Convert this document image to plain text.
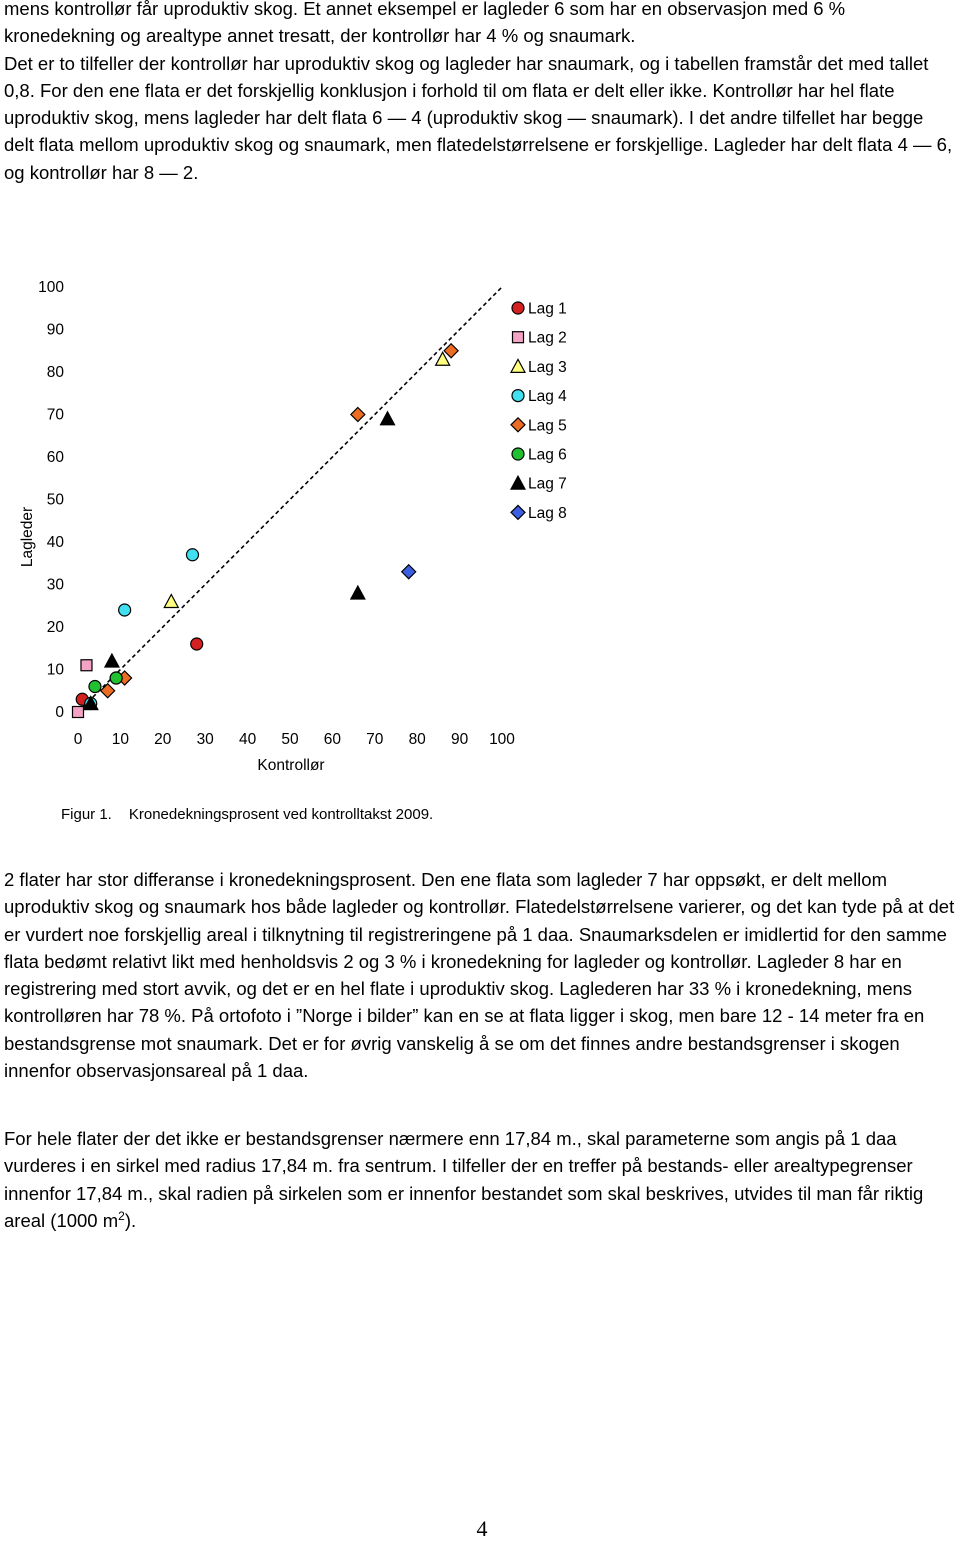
mens kontrollør får uproduktiv skog. Et annet eksempel er lagleder 6 som har en observasjon med 6 % kronedekning og arealtype annet tresatt, der kontrollør har 4 % og snaumark.
Det er to tilfeller der kontrollør har uproduktiv skog og lagleder har snaumark, og i tabellen framstår det med tallet 0,8. For den ene flata er det forskjellig konklusjon i forhold til om flata er delt eller ikke. Kontrollør har hel flate uproduktiv skog, mens lagleder har delt flata 6 — 4 (uproduktiv skog — snaumark). I det andre tilfellet har begge delt flata mellom uproduktiv skog og snaumark, men flatedelstørrelsene er forskjellige. Lagleder har delt flata 4 — 6, og kontrollør har 8 — 2.

0
10
20
30
40
50
60
70
80
90
100
0 10 20 30 40 50 60 70 80 90 100
Lagleder
Kontrollør
Lag 1
Lag 2
Lag 3
Lag 4
Lag 5
Lag 6
Lag 7
Lag 8
Figur 1. Kronedekningsprosent ved kontrolltakst 2009.

2 flater har stor differanse i kronedekningsprosent. Den ene flata som lagleder 7 har oppsøkt, er delt mellom uproduktiv skog og snaumark hos både lagleder og kontrollør. Flatedelstørrelsene varierer, og det kan tyde på at det er vurdert noe forskjellig areal i tilknytning til registreringene på 1 daa. Snaumarksdelen er imidlertid for den samme flata bedømt relativt likt med henholdsvis 2 og 3 % i kronedekning for lagleder og kontrollør. Lagleder 8 har en registrering med stort avvik, og det er en hel flate i uproduktiv skog. Laglederen har 33 % i kronedekning, mens kontrolløren har 78 %. På ortofoto i ”Norge i bilder” kan en se at flata ligger i skog, men bare 12 - 14 meter fra en bestandsgrense mot snaumark. Det er for øvrig vanskelig å se om det finnes andre bestandsgrenser i skogen innenfor observasjonsareal på 1 daa.

For hele flater der det ikke er bestandsgrenser nærmere enn 17,84 m., skal parameterne som angis på 1 daa vurderes i en sirkel med radius 17,84 m. fra sentrum. I tilfeller der en treffer på bestands- eller arealtypegrenser innenfor 17,84 m., skal radien på sirkelen som er innenfor bestandet som skal beskrives, utvides til man får riktig areal (1000 $m^2$).

4
